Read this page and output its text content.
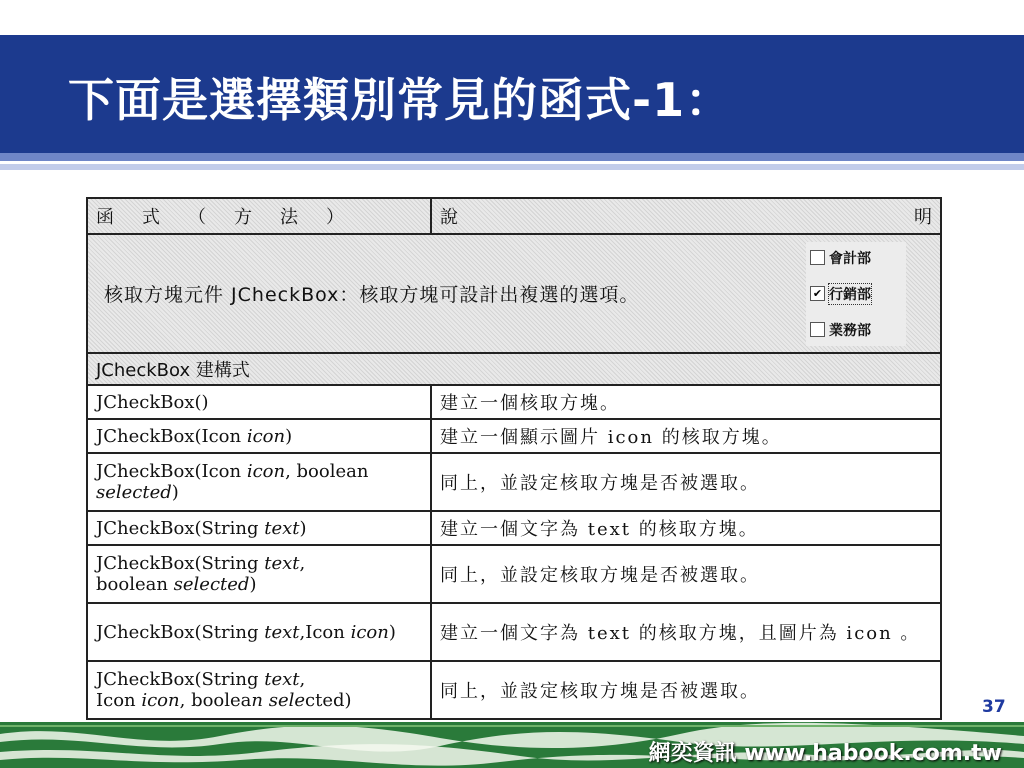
下面是選擇類別常見的函式-1：
函式（方法）	說 明

核取方塊元件 JCheckBox：核取方塊可設計出複選的選項。
會計部
✔ 行銷部
業務部	

JCheckBox 建構式	
JCheckBox()	建立一個核取方塊。
JCheckBox(Icon icon)	建立一個顯示圖片 icon 的核取方塊。
JCheckBox(Icon icon, boolean
selected)	同上，並設定核取方塊是否被選取。
JCheckBox(String text)	建立一個文字為 text 的核取方塊。
JCheckBox(String text,
boolean selected)	同上，並設定核取方塊是否被選取。
JCheckBox(String text,Icon icon)	建立一個文字為 text 的核取方塊，且圖片為 icon 。
JCheckBox(String text,
Icon icon, boolean selected)	同上，並設定核取方塊是否被選取。
37
網奕資訊 www.habook.com.tw
